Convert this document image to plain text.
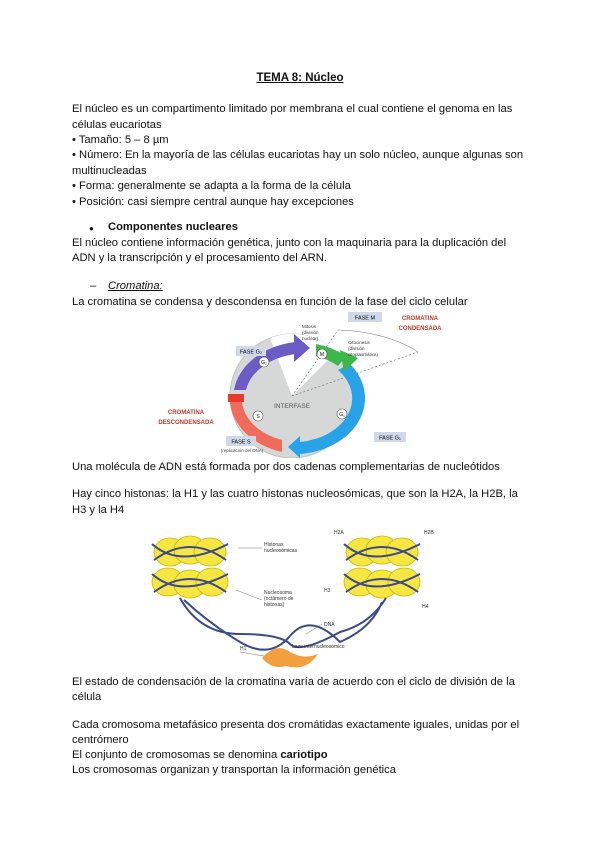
TEMA 8: Núcleo

El núcleo es un compartimento limitado por membrana el cual contiene el genoma en las

células eucariotas

• Tamaño: 5 – 8 µm

• Número: En la mayoría de las células eucariotas hay un solo núcleo, aunque algunas son

multinucleadas

• Forma: generalmente se adapta a la forma de la célula

• Posición: casi siempre central aunque hay excepciones

● Componentes nucleares

El núcleo contiene información genética, junto con la maquinaria para la duplicación del

ADN y la transcripción y el procesamiento del ARN.

– Cromatina:

La cromatina se condensa y descondensa en función de la fase del ciclo celular

G₂
M
S	G₁
INTERFASE
FASE M
FASE G₂
FASE S
(replicación del DNA)
FASE G₁
Mitosis
(división
nuclear)
Citocinesis
(división
citoplasmática)
CROMATINA
CONDENSADA
CROMATINA
DESCONDENSADA

Una molécula de ADN está formada por dos cadenas complementarias de nucleótidos

Hay cinco histonas: la H1 y las cuatro histonas nucleosómicas, que son la H2A, la H2B, la

H3 y la H4

Histonas
nucleosómicas
H2A	H2B
H3
H4
Nucleosoma
(octámero de
histonas)
DNA
H1	Lazo internucleosómico

El estado de condensación de la cromatina varía de acuerdo con el ciclo de división de la

célula

Cada cromosoma metafásico presenta dos cromátidas exactamente iguales, unidas por el

centrómero

El conjunto de cromosomas se denomina cariotipo

Los cromosomas organizan y transportan la información genética
